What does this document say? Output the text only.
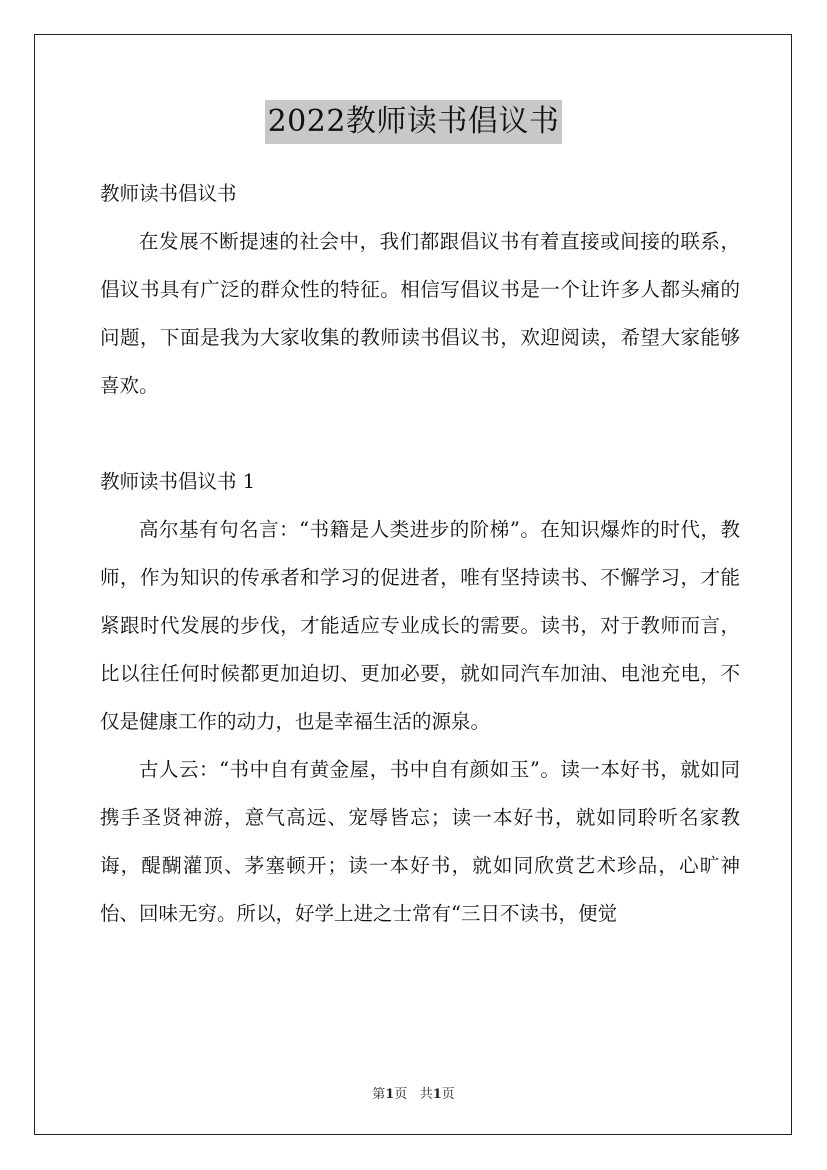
2022教师读书倡议书

教师读书倡议书

在发展不断提速的社会中，我们都跟倡议书有着直接或间接的联系，倡议书具有广泛的群众性的特征。相信写倡议书是一个让许多人都头痛的问题，下面是我为大家收集的教师读书倡议书，欢迎阅读，希望大家能够喜欢。

教师读书倡议书 1

高尔基有句名言：“书籍是人类进步的阶梯”。在知识爆炸的时代，教师，作为知识的传承者和学习的促进者，唯有坚持读书、不懈学习，才能紧跟时代发展的步伐，才能适应专业成长的需要。读书，对于教师而言，比以往任何时候都更加迫切、更加必要，就如同汽车加油、电池充电，不仅是健康工作的动力，也是幸福生活的源泉。

古人云：“书中自有黄金屋，书中自有颜如玉”。读一本好书，就如同携手圣贤神游，意气高远、宠辱皆忘；读一本好书，就如同聆听名家教诲，醍醐灌顶、茅塞顿开；读一本好书，就如同欣赏艺术珍品，心旷神怡、回味无穷。所以，好学上进之士常有“三日不读书，便觉

第1页   共1页
